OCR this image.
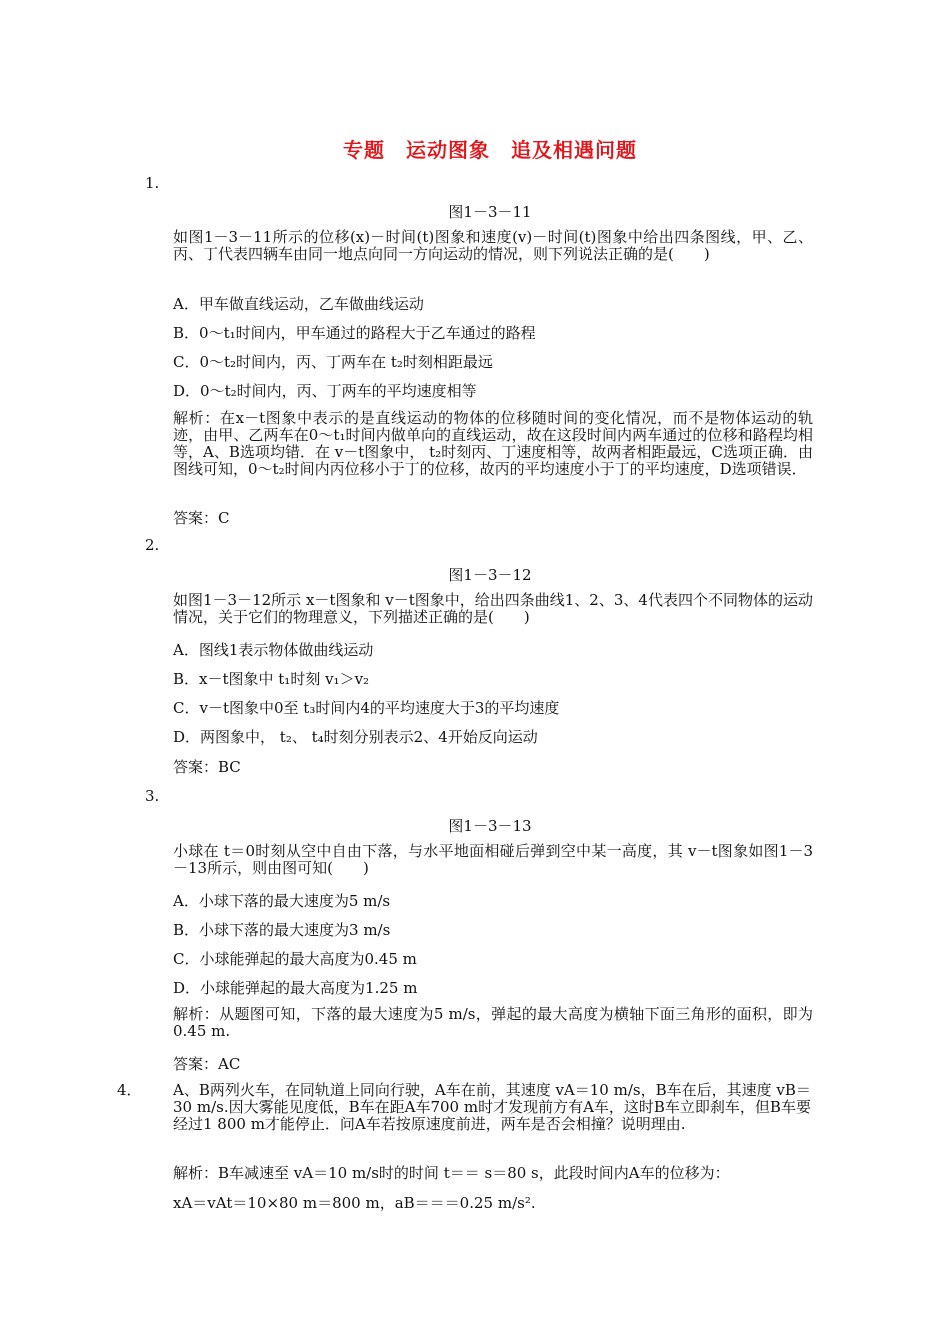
专题　运动图象　追及相遇问题
1.
图1－3－11
如图1－3－11所示的位移(x)－时间(t)图象和速度(v)－时间(t)图象中给出四条图线，甲、乙、丙、丁代表四辆车由同一地点向同一方向运动的情况，则下列说法正确的是(　　)
A．甲车做直线运动，乙车做曲线运动
B．0～t₁时间内，甲车通过的路程大于乙车通过的路程
C．0～t₂时间内，丙、丁两车在 t₂时刻相距最远
D．0～t₂时间内，丙、丁两车的平均速度相等
解析：在x－t图象中表示的是直线运动的物体的位移随时间的变化情况，而不是物体运动的轨迹，由甲、乙两车在0～t₁时间内做单向的直线运动，故在这段时间内两车通过的位移和路程均相等，A、B选项均错．在 v－t图象中， t₂时刻丙、丁速度相等，故两者相距最远，C选项正确．由图线可知，0～t₂时间内丙位移小于丁的位移，故丙的平均速度小于丁的平均速度，D选项错误．
答案：C
2.
图1－3－12
如图1－3－12所示 x－t图象和 v－t图象中，给出四条曲线1、2、3、4代表四个不同物体的运动情况，关于它们的物理意义，下列描述正确的是(　　)
A．图线1表示物体做曲线运动
B．x－t图象中 t₁时刻 v₁＞v₂
C．v－t图象中0至 t₃时间内4的平均速度大于3的平均速度
D．两图象中， t₂、 t₄时刻分别表示2、4开始反向运动
答案：BC
3.
图1－3－13
小球在 t＝0时刻从空中自由下落，与水平地面相碰后弹到空中某一高度，其 v－t图象如图1－3－13所示，则由图可知(　　)
A．小球下落的最大速度为5 m/s
B．小球下落的最大速度为3 m/s
C．小球能弹起的最大高度为0.45 m
D．小球能弹起的最大高度为1.25 m
解析：从题图可知，下落的最大速度为5 m/s，弹起的最大高度为横轴下面三角形的面积，即为0.45 m.
答案：AC
4． A、B两列火车，在同轨道上同向行驶，A车在前，其速度 vA＝10 m/s，B车在后，其速度 vB＝30 m/s.因大雾能见度低，B车在距A车700 m时才发现前方有A车，这时B车立即刹车，但B车要经过1 800 m才能停止．问A车若按原速度前进，两车是否会相撞？说明理由.
解析：B车减速至 vA＝10 m/s时的时间 t＝＝ s＝80 s，此段时间内A车的位移为：
xA＝vAt＝10×80 m＝800 m，aB＝＝＝0.25 m/s².
